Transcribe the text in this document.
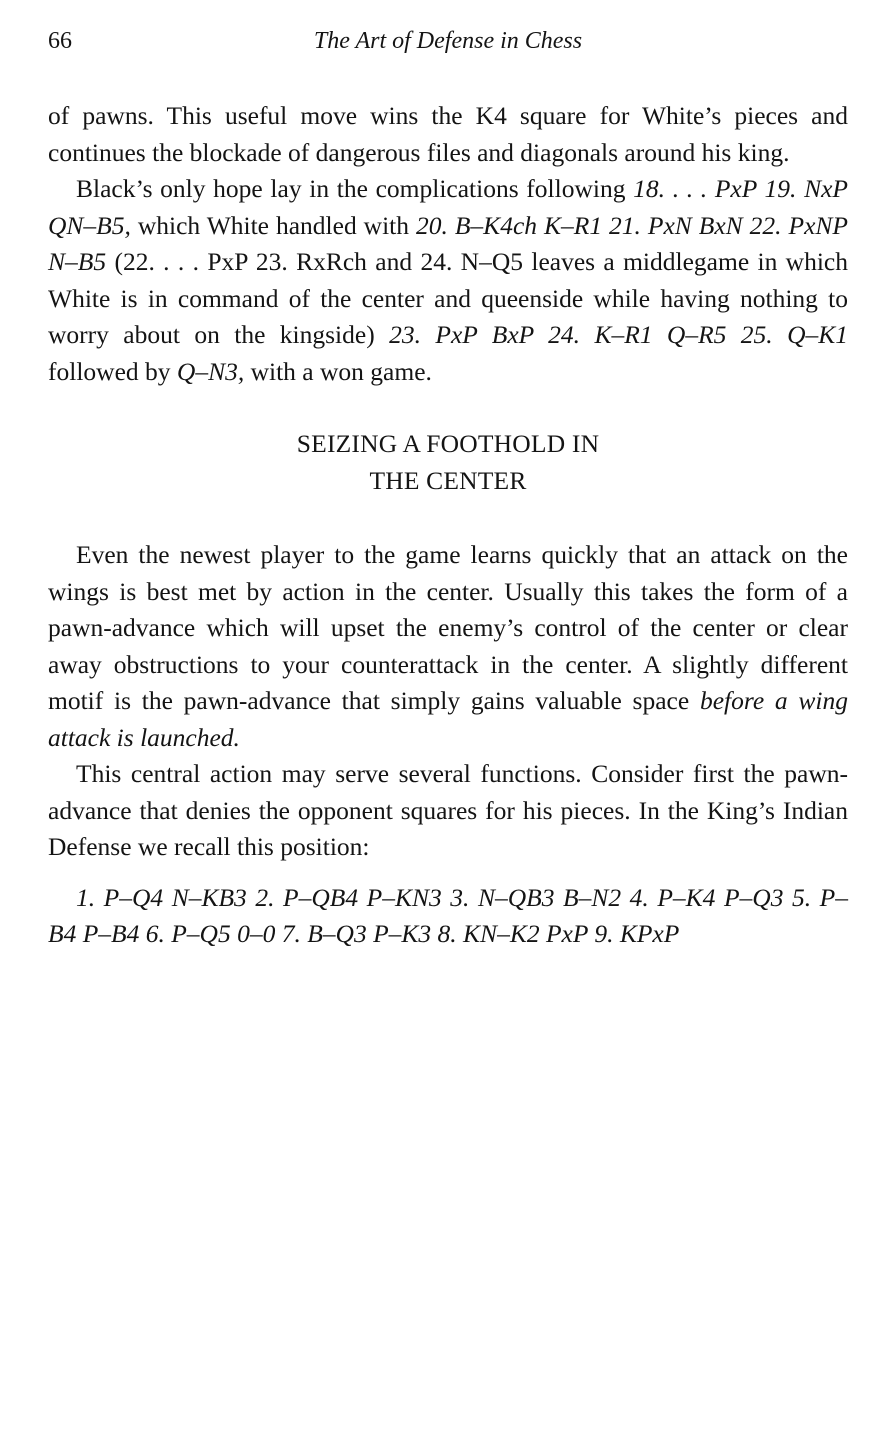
66	The Art of Defense in Chess

of pawns. This useful move wins the K4 square for White’s pieces and continues the blockade of dangerous files and diagonals around his king.

Black’s only hope lay in the complications following 18. . . . PxP 19. NxP QN–B5, which White handled with 20. B–K4ch K–R1 21. PxN BxN 22. PxNP N–B5 (22. . . . PxP 23. RxRch and 24. N–Q5 leaves a middlegame in which White is in command of the center and queenside while having nothing to worry about on the kingside) 23. PxP BxP 24. K–R1 Q–R5 25. Q–K1 followed by Q–N3, with a won game.

SEIZING A FOOTHOLD IN
THE CENTER

Even the newest player to the game learns quickly that an attack on the wings is best met by action in the center. Usually this takes the form of a pawn-advance which will upset the enemy’s control of the center or clear away obstructions to your counterattack in the center. A slightly different motif is the pawn-advance that simply gains valuable space before a wing attack is launched.

This central action may serve several functions. Consider first the pawn-advance that denies the opponent squares for his pieces. In the King’s Indian Defense we recall this position:

1. P–Q4 N–KB3 2. P–QB4 P–KN3 3. N–QB3 B–N2 4. P–K4 P–Q3 5. P–B4 P–B4 6. P–Q5 0–0 7. B–Q3 P–K3 8. KN–K2 PxP 9. KPxP
